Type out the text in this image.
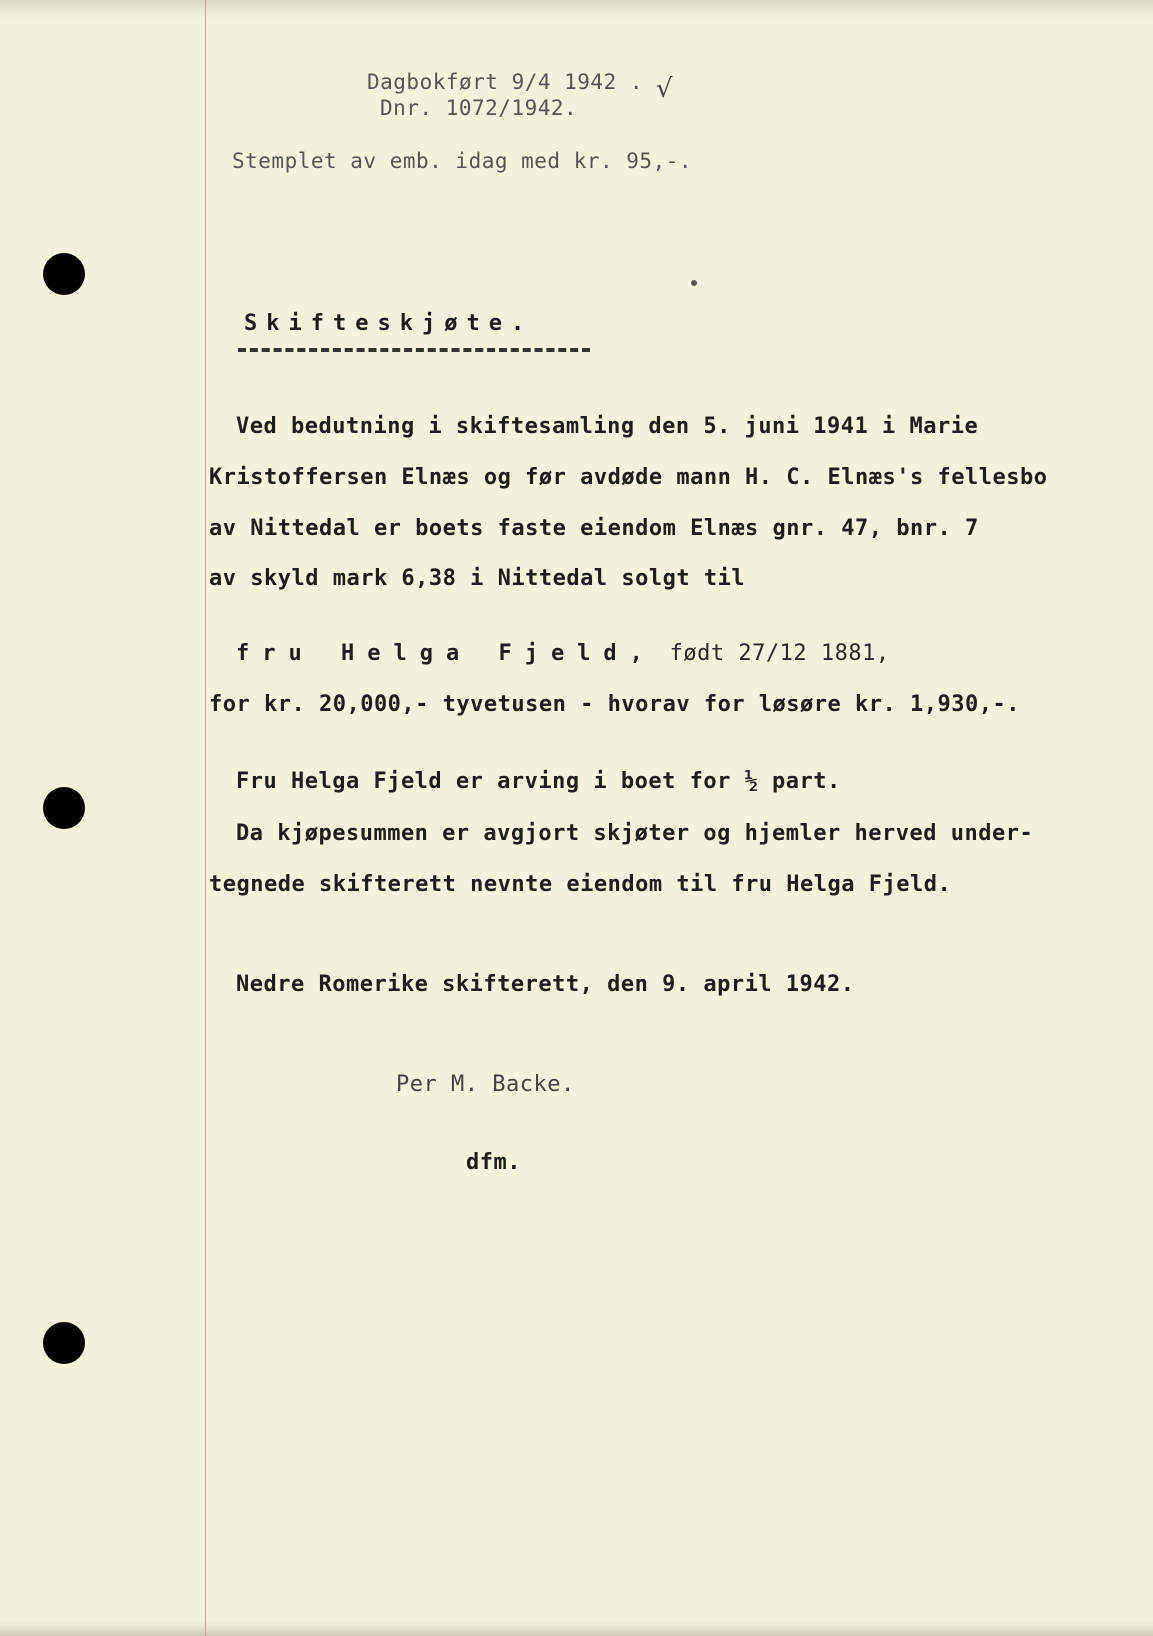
Dagbokført 9/4 1942 . √
Dnr. 1072/1942.
Stemplet av emb. idag med kr. 95,-.
Skifteskjøte.
Ved bedutning i skiftesamling den 5. juni 1941 i Marie
Kristoffersen Elnæs og før avdøde mann H. C. Elnæs's fellesbo
av Nittedal er boets faste eiendom Elnæs gnr. 47, bnr. 7
av skyld mark 6,38 i Nittedal solgt til
fru Helga Fjeld, født 27/12 1881,
for kr. 20,000,- tyvetusen - hvorav for løsøre kr. 1,930,-.
Fru Helga Fjeld er arving i boet for ½ part.
Da kjøpesummen er avgjort skjøter og hjemler herved under-
tegnede skifterett nevnte eiendom til fru Helga Fjeld.
Nedre Romerike skifterett, den 9. april 1942.
Per M. Backe.
dfm.
